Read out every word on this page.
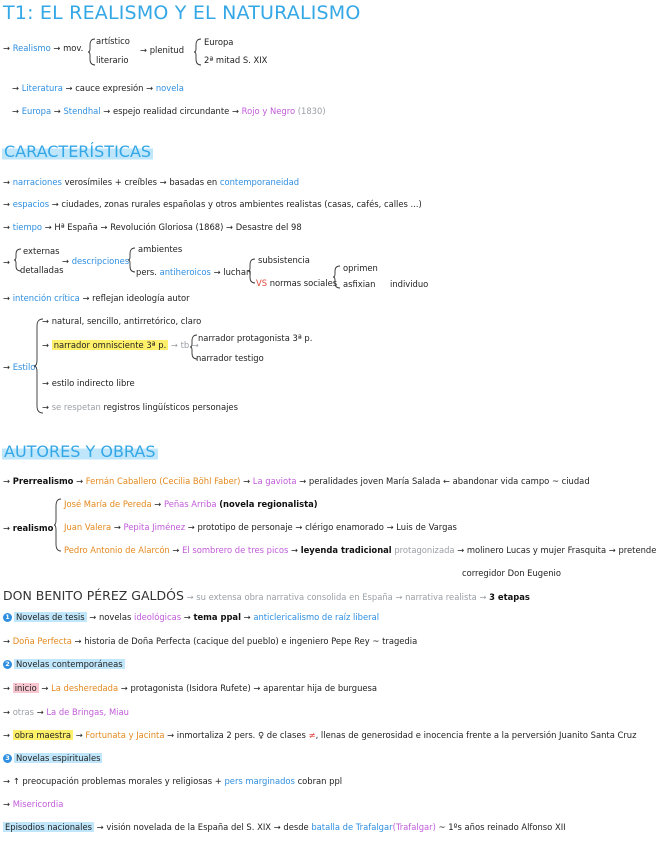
T1: EL REALISMO Y EL NATURALISMO
→ Realismo → mov.
artístico
literario
→ plenitud
Europa
2ª mitad S. XIX
→ Literatura → cauce expresión → novela
→ Europa → Stendhal → espejo realidad circundante → Rojo y Negro (1830)
CARACTERÍSTICAS
→ narraciones verosímiles + creíbles → basadas en contemporaneidad
→ espacios → ciudades, zonas rurales españolas y otros ambientes realistas (casas, cafés, calles ...)
→ tiempo → Hª España → Revolución Gloriosa (1868) → Desastre del 98
→
externas
detalladas
→ descripciones
ambientes
pers. antiheroicos → luchan
subsistencia
VS normas sociales
oprimen
asfixian individuo
→ intención crítica → reflejan ideología autor
→ Estilo
→ natural, sencillo, antirretórico, claro
→ narrador omnisciente 3ª p. → tb →
narrador protagonista 3ª p.
narrador testigo
→ estilo indirecto libre
→ se respetan registros lingüísticos personajes
AUTORES Y OBRAS
→ Prerrealismo → Fernán Caballero (Cecilia Böhl Faber) → La gaviota → peralidades joven María Salada ← abandonar vida campo ~ ciudad
→ realismo
José María de Pereda → Peñas Arriba (novela regionalista)
Juan Valera → Pepita Jiménez → prototipo de personaje → clérigo enamorado → Luis de Vargas
Pedro Antonio de Alarcón → El sombrero de tres picos → leyenda tradicional protagonizada → molinero Lucas y mujer Frasquita → pretende
corregidor Don Eugenio
DON BENITO PÉREZ GALDÓS → su extensa obra narrativa consolida en España → narrativa realista → 3 etapas
1 Novelas de tesis → novelas ideológicas → tema ppal → anticlericalismo de raíz liberal
→ Doña Perfecta → historia de Doña Perfecta (cacique del pueblo) e ingeniero Pepe Rey ~ tragedia
2 Novelas contemporáneas
→ inicio → La desheredada → protagonista (Isidora Rufete) → aparentar hija de burguesa
→ otras → La de Bringas, Miau
→ obra maestra → Fortunata y Jacinta → inmortaliza 2 pers. ♀ de clases ≠, llenas de generosidad e inocencia frente a la perversión Juanito Santa Cruz
3 Novelas espirituales
→ ↑ preocupación problemas morales y religiosas + pers marginados cobran ppl
→ Misericordia
Episodios nacionales → visión novelada de la España del S. XIX → desde batalla de Trafalgar(Trafalgar) ~ 1ºs años reinado Alfonso XII
